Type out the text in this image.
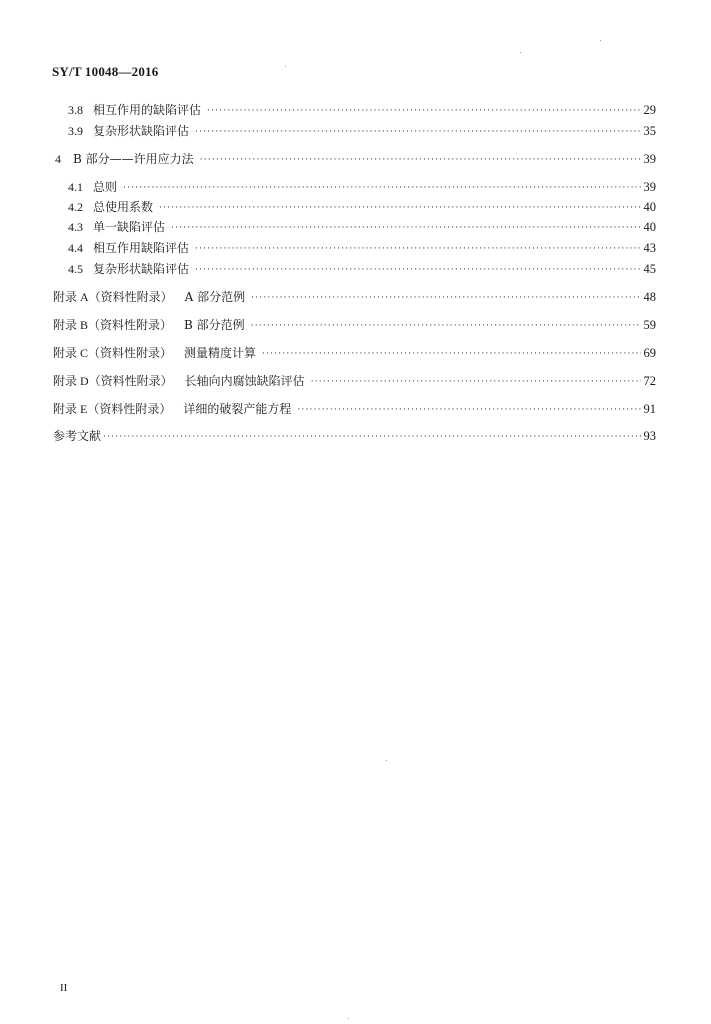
SY/T 10048—2016
3.8 相互作用的缺陷评估 ·····	29
3.9 复杂形状缺陷评估 ·····	35
4	B 部分——许用应力法 ·····	39
4.1 总则 ·····	39
4.2 总使用系数 ·····	40
4.3 单一缺陷评估 ·····	40
4.4 相互作用缺陷评估 ·····	43
4.5 复杂形状缺陷评估 ·····	45
附录 A（资料性附录）	A 部分范例 ·····	48
附录 B（资料性附录）	B 部分范例 ·····	59
附录 C（资料性附录）	测量精度计算 ·····	69
附录 D（资料性附录）	长轴向内腐蚀缺陷评估 ·····	72
附录 E（资料性附录）	详细的破裂产能方程 ·····	91
参考文献 ·····	93
II
